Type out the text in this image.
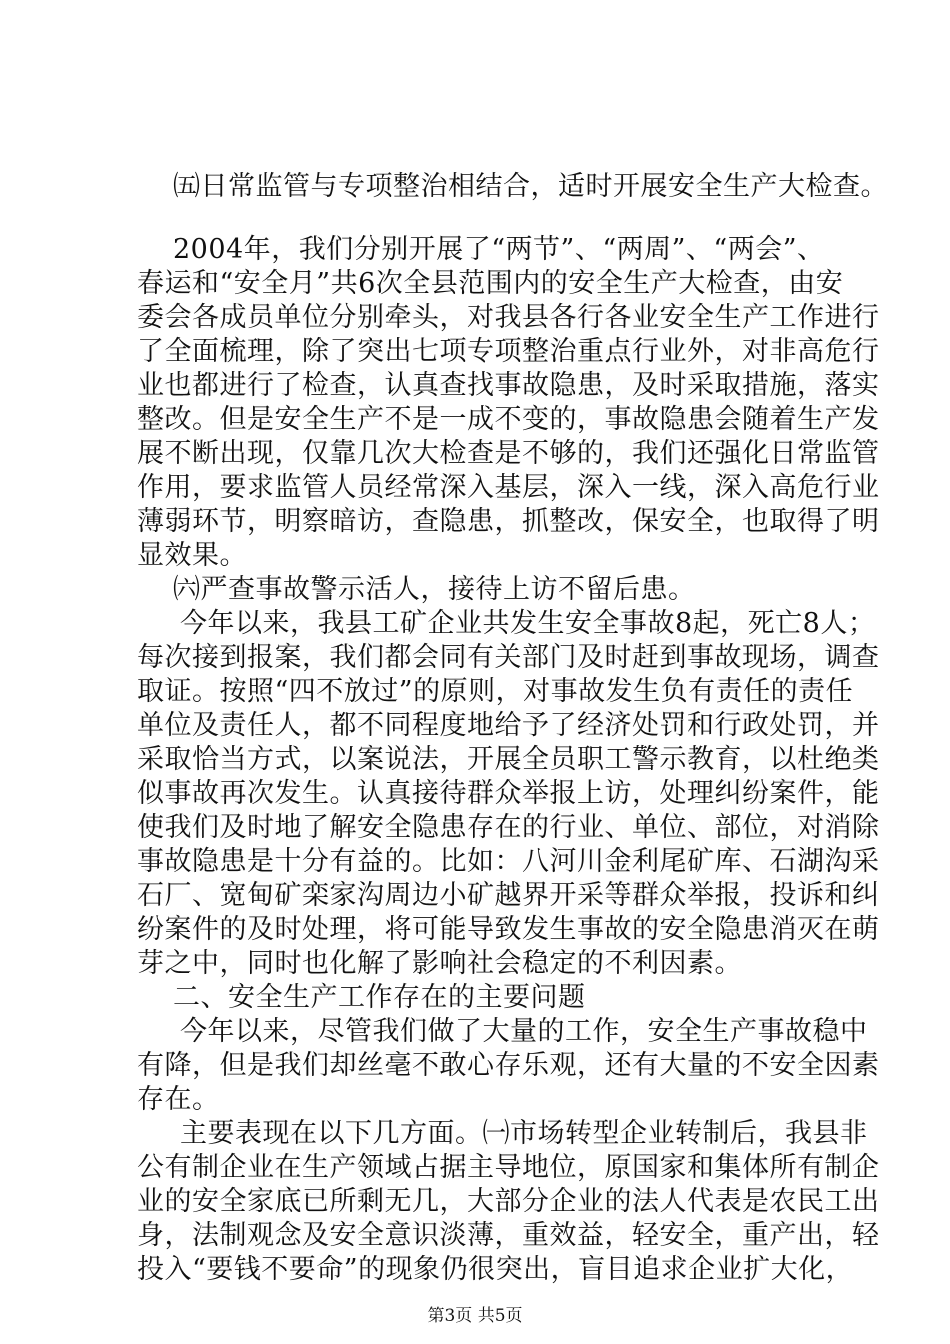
㈤日常监管与专项整治相结合，适时开展安全生产大检查。
2004年，我们分别开展了“两节”、“两周”、“两会”、
春运和“安全月”共6次全县范围内的安全生产大检查，由安
委会各成员单位分别牵头，对我县各行各业安全生产工作进行
了全面梳理，除了突出七项专项整治重点行业外，对非高危行
业也都进行了检查，认真查找事故隐患，及时采取措施，落实
整改。但是安全生产不是一成不变的，事故隐患会随着生产发
展不断出现，仅靠几次大检查是不够的，我们还强化日常监管
作用，要求监管人员经常深入基层，深入一线，深入高危行业
薄弱环节，明察暗访，查隐患，抓整改，保安全，也取得了明
显效果。
㈥严查事故警示活人，接待上访不留后患。
今年以来，我县工矿企业共发生安全事故8起，死亡8人；
每次接到报案，我们都会同有关部门及时赶到事故现场，调查
取证。按照“四不放过”的原则，对事故发生负有责任的责任
单位及责任人，都不同程度地给予了经济处罚和行政处罚，并
采取恰当方式，以案说法，开展全员职工警示教育，以杜绝类
似事故再次发生。认真接待群众举报上访，处理纠纷案件，能
使我们及时地了解安全隐患存在的行业、单位、部位，对消除
事故隐患是十分有益的。比如：八河川金利尾矿库、石湖沟采
石厂、宽甸矿栾家沟周边小矿越界开采等群众举报，投诉和纠
纷案件的及时处理，将可能导致发生事故的安全隐患消灭在萌
芽之中，同时也化解了影响社会稳定的不利因素。
二、安全生产工作存在的主要问题
今年以来，尽管我们做了大量的工作，安全生产事故稳中
有降，但是我们却丝毫不敢心存乐观，还有大量的不安全因素
存在。
主要表现在以下几方面。㈠市场转型企业转制后，我县非
公有制企业在生产领域占据主导地位，原国家和集体所有制企
业的安全家底已所剩无几，大部分企业的法人代表是农民工出
身，法制观念及安全意识淡薄，重效益，轻安全，重产出，轻
投入“要钱不要命”的现象仍很突出，盲目追求企业扩大化，
第3页 共5页
